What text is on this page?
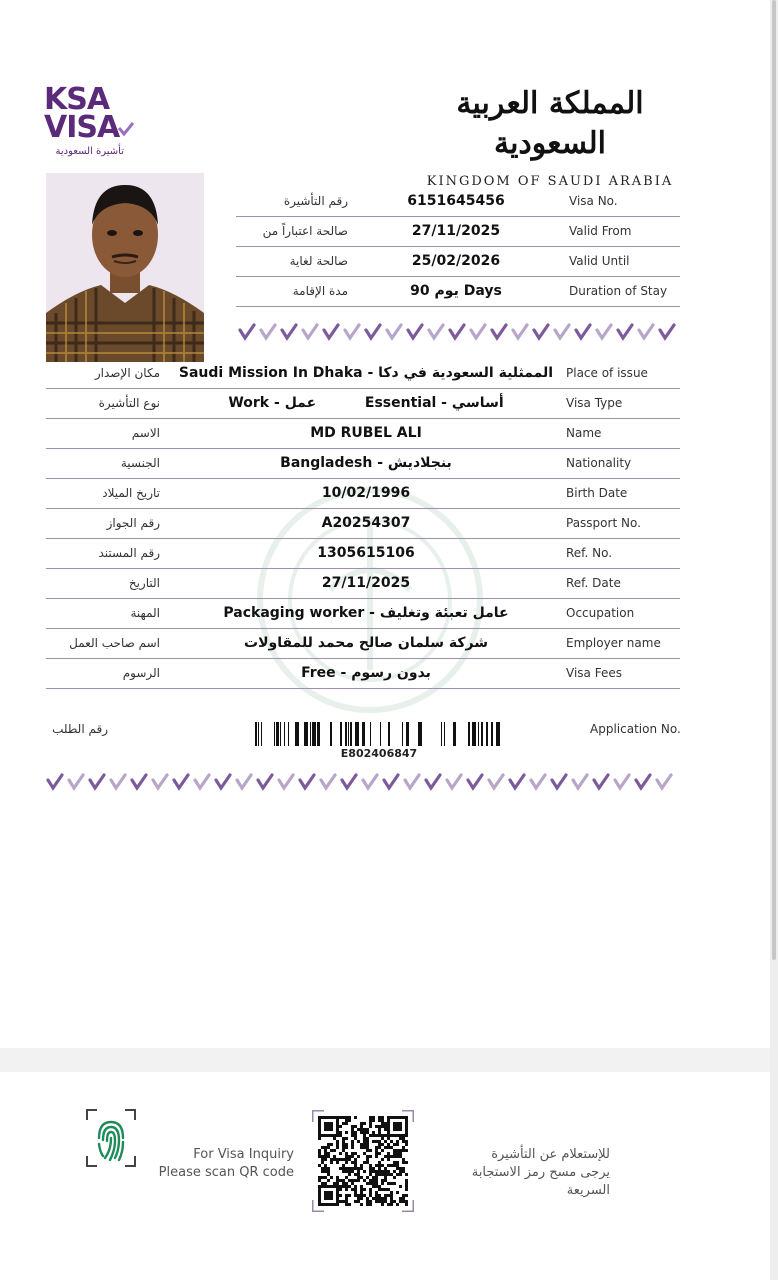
KSA
VISA
تأشيرة السعودية
المملكة العربية السعودية
KINGDOM OF SAUDI ARABIA
رقم التأشيرة	6151645456	Visa No.
صالحة اعتباراً من	27/11/2025	Valid From
صالحة لغاية	25/02/2026	Valid Until
مدة الإقامة	90 يوم Days	Duration of Stay
مكان الإصدار	Saudi Mission In Dhaka - الممثلية السعودية في دكا	Place of issue
نوع التأشيرة	Work - عمل          Essential - أساسي	Visa Type
الاسم	MD RUBEL ALI	Name
الجنسية	Bangladesh - بنجلاديش	Nationality
تاريخ الميلاد	10/02/1996	Birth Date
رقم الجواز	A20254307	Passport No.
رقم المستند	1305615106	Ref. No.
التاريخ	27/11/2025	Ref. Date
المهنة	Packaging worker - عامل تعبئة وتغليف	Occupation
اسم صاحب العمل	شركة سلمان صالح محمد للمقاولات	Employer name
الرسوم	Free - بدون رسوم	Visa Fees
رقم الطلب
E802406847
Application No.
For Visa Inquiry
Please scan QR code
للإستعلام عن التأشيرة
يرجى مسح رمز الاستجابة السريعة
